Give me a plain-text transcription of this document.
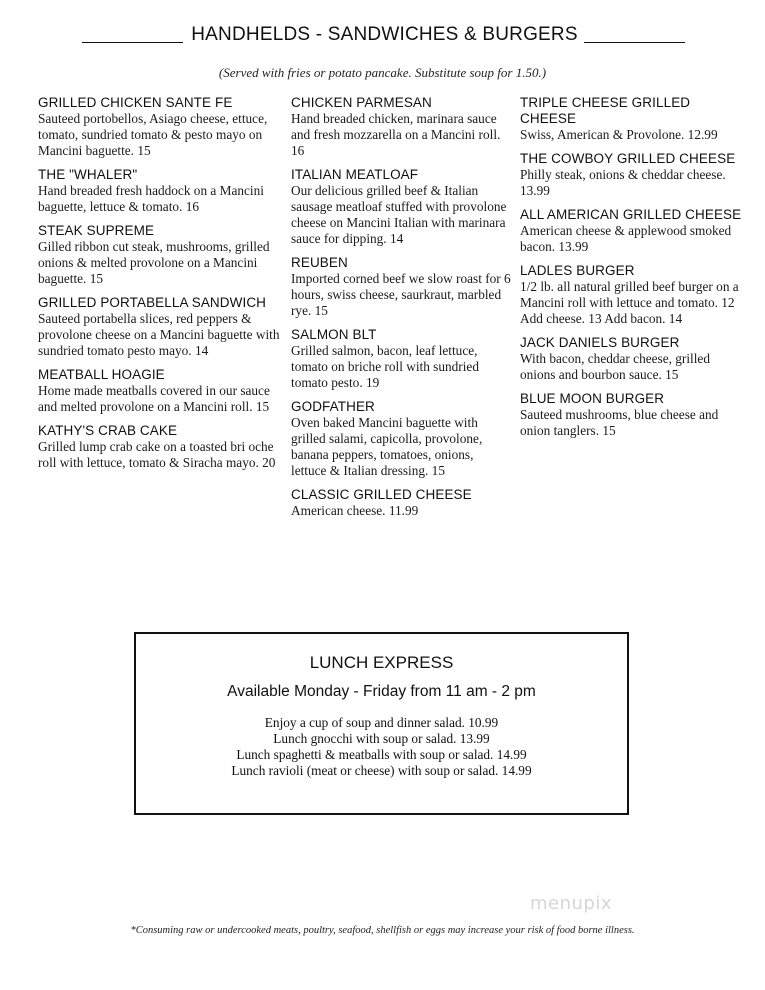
HANDHELDS - SANDWICHES & BURGERS
(Served with fries or potato pancake. Substitute soup for 1.50.)
GRILLED CHICKEN SANTE FE
Sauteed portobellos, Asiago cheese, ettuce, tomato, sundried tomato & pesto mayo on Mancini baguette. 15
THE "WHALER"
Hand breaded fresh haddock on a Mancini baguette, lettuce & tomato. 16
STEAK SUPREME
Gilled ribbon cut steak, mushrooms, grilled onions & melted provolone on a Mancini baguette. 15
GRILLED PORTABELLA SANDWICH
Sauteed portabella slices, red peppers & provolone cheese on a Mancini baguette with sundried tomato pesto mayo. 14
MEATBALL HOAGIE
Home made meatballs covered in our sauce and melted provolone on a Mancini roll. 15
KATHY'S CRAB CAKE
Grilled lump crab cake on a toasted bri oche roll with lettuce, tomato & Siracha mayo. 20
CHICKEN PARMESAN
Hand breaded chicken, marinara sauce and fresh mozzarella on a Mancini roll. 16
ITALIAN MEATLOAF
Our delicious grilled beef & Italian sausage meatloaf stuffed with provolone cheese on Mancini Italian with marinara sauce for dipping. 14
REUBEN
Imported corned beef we slow roast for 6 hours, swiss cheese, saurkraut, marbled rye. 15
SALMON BLT
Grilled salmon, bacon, leaf lettuce, tomato on briche roll with sundried tomato pesto. 19
GODFATHER
Oven baked Mancini baguette with grilled salami, capicolla, provolone, banana peppers, tomatoes, onions, lettuce & Italian dressing. 15
CLASSIC GRILLED CHEESE
American cheese. 11.99
TRIPLE CHEESE GRILLED CHEESE
Swiss, American & Provolone. 12.99
THE COWBOY GRILLED CHEESE
Philly steak, onions & cheddar cheese. 13.99
ALL AMERICAN GRILLED CHEESE
American cheese & applewood smoked bacon. 13.99
LADLES BURGER
1/2 lb. all natural grilled beef burger on a Mancini roll with lettuce and tomato. 12
Add cheese. 13 Add bacon. 14
JACK DANIELS BURGER
With bacon, cheddar cheese, grilled onions and bourbon sauce. 15
BLUE MOON BURGER
Sauteed mushrooms, blue cheese and onion tanglers. 15
LUNCH EXPRESS
Available Monday - Friday from 11 am - 2 pm
Enjoy a cup of soup and dinner salad. 10.99
Lunch gnocchi with soup or salad. 13.99
Lunch spaghetti & meatballs with soup or salad. 14.99
Lunch ravioli (meat or cheese) with soup or salad. 14.99
menupix
*Consuming raw or undercooked meats, poultry, seafood, shellfish or eggs may increase your risk of food borne illness.
